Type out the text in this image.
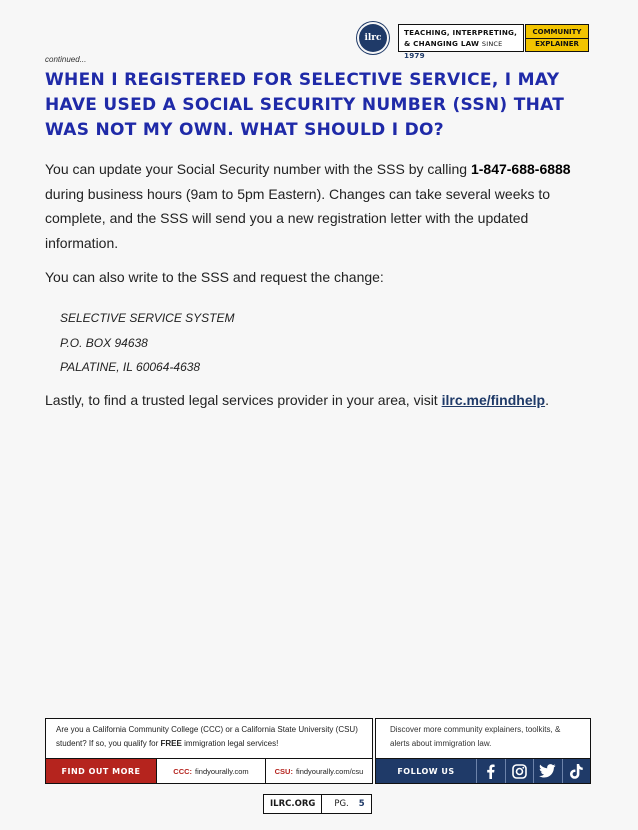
ilrc
TEACHING, INTERPRETING,
& CHANGING LAW SINCE 1979
COMMUNITY
EXPLAINER
continued...
WHEN I REGISTERED FOR SELECTIVE SERVICE, I MAY HAVE USED A SOCIAL SECURITY NUMBER (SSN) THAT WAS NOT MY OWN. WHAT SHOULD I DO?

You can update your Social Security number with the SSS by calling 1-847-688-6888 during business hours (9am to 5pm Eastern). Changes can take several weeks to complete, and the SSS will send you a new registration letter with the updated information.

You can also write to the SSS and request the change:

SELECTIVE SERVICE SYSTEM
P.O. BOX 94638
PALATINE, IL 60064-4638

Lastly, to find a trusted legal services provider in your area, visit ilrc.me/findhelp.

Are you a California Community College (CCC) or a California State University (CSU) student? If so, you qualify for FREE immigration legal services!
FIND OUT MORE	CCC: findyourally.com	CSU: findyourally.com/csu
Discover more community explainers, toolkits, & alerts about immigration law.
FOLLOW US
ILRC.ORG	PG.	5
